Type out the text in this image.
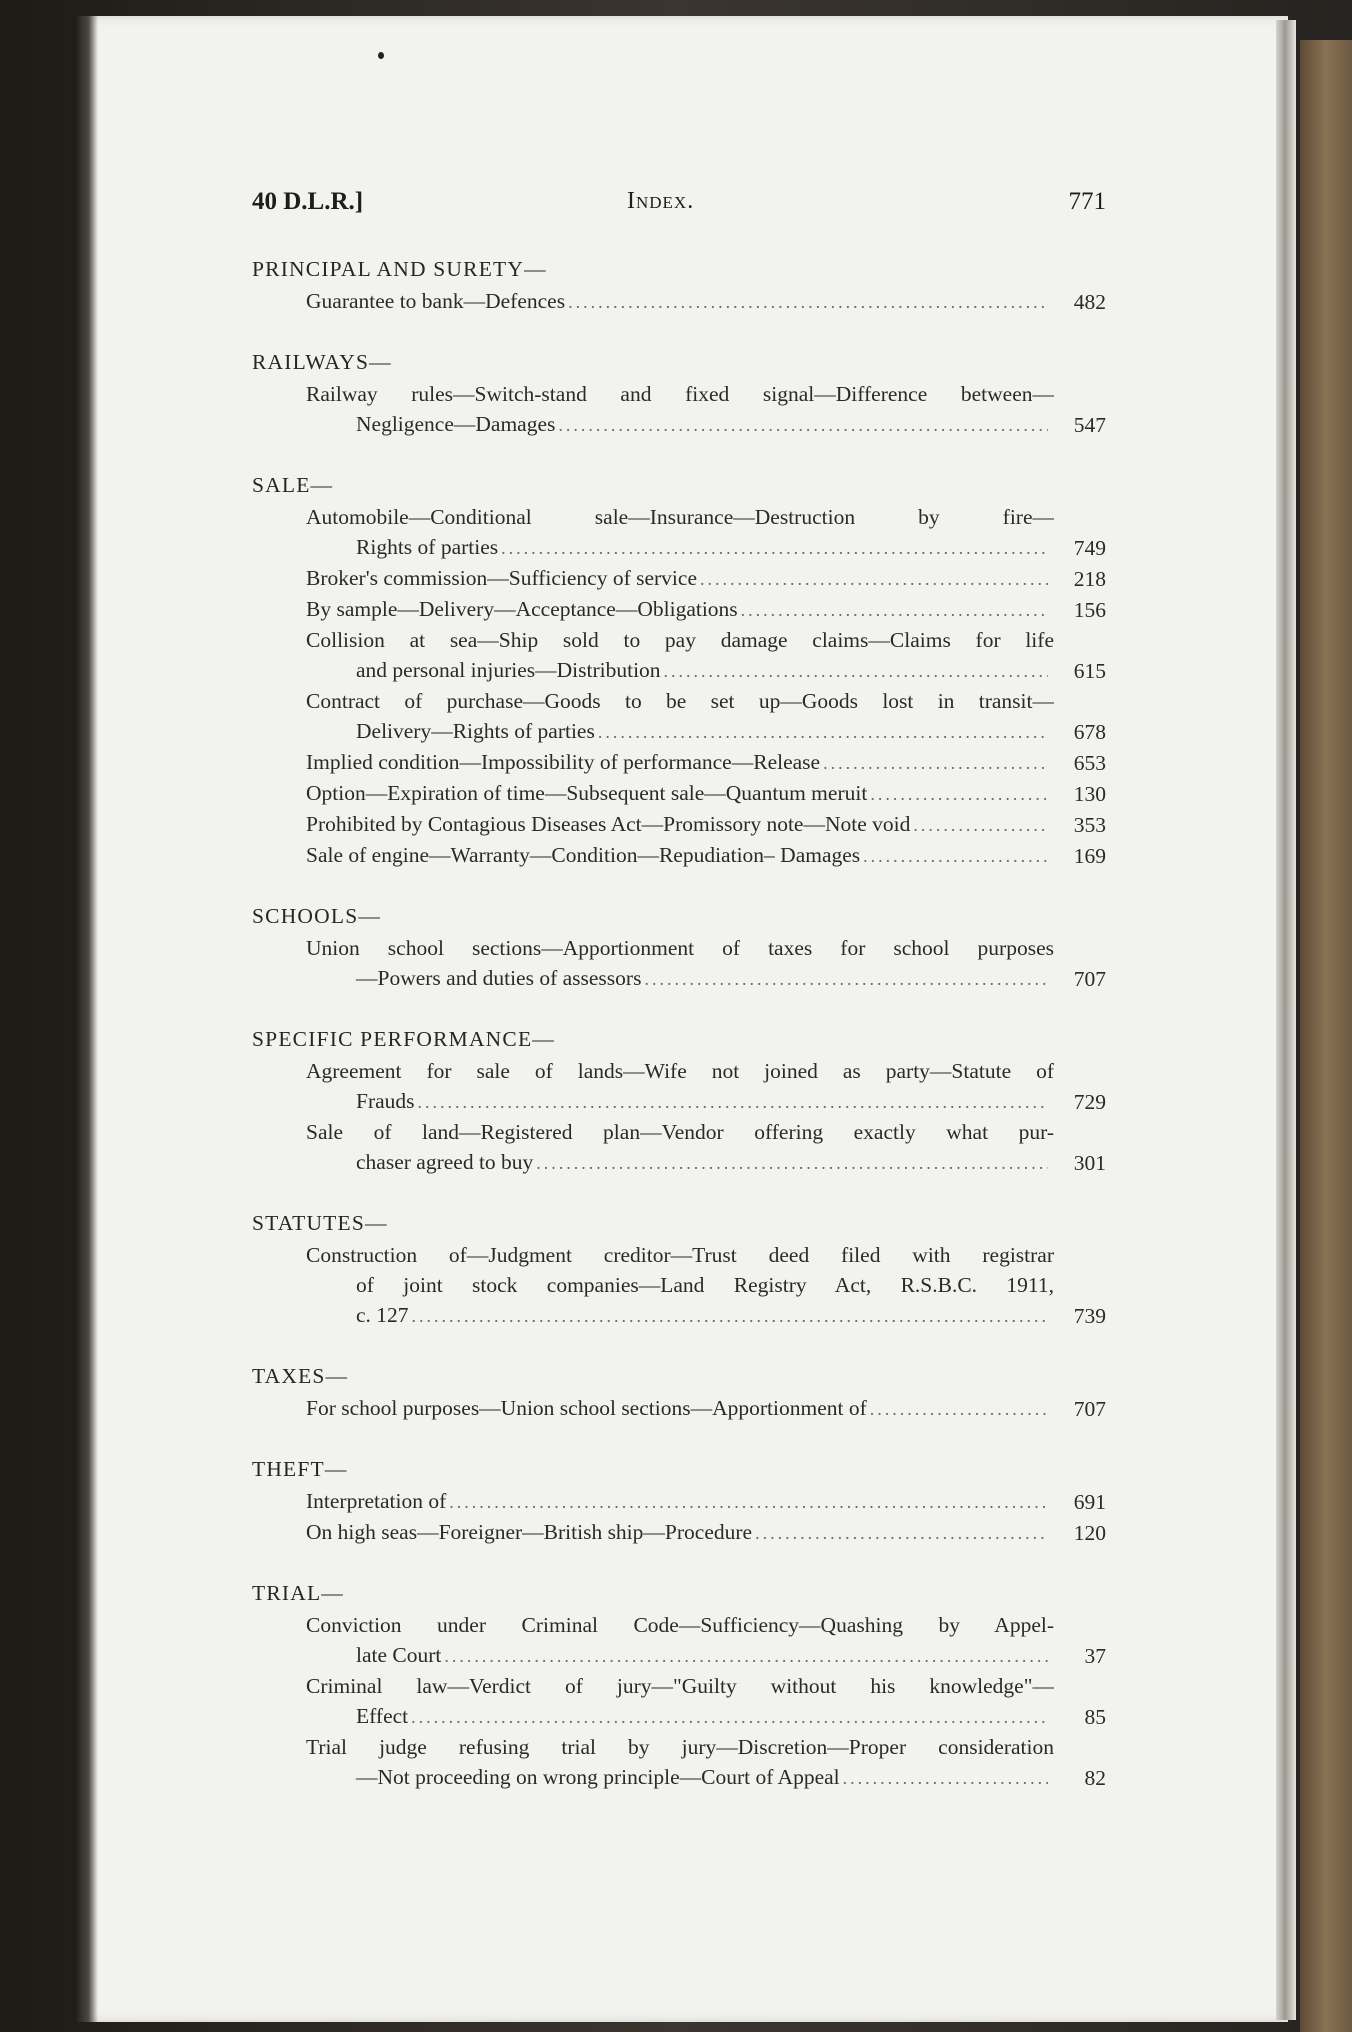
40 D.L.R.]	Index.	771
PRINCIPAL AND SURETY—
Guarantee to bank—Defences .....	482
RAILWAYS—
Railway rules—Switch-stand and fixed signal—Difference between—
Negligence—Damages .....	547
SALE—
Automobile—Conditional sale—Insurance—Destruction by fire—
Rights of parties .....	749
Broker's commission—Sufficiency of service .....	218
By sample—Delivery—Acceptance—Obligations .....	156
Collision at sea—Ship sold to pay damage claims—Claims for life
and personal injuries—Distribution .....	615
Contract of purchase—Goods to be set up—Goods lost in transit—
Delivery—Rights of parties .....	678
Implied condition—Impossibility of performance—Release .....	653
Option—Expiration of time—Subsequent sale—Quantum meruit .....	130
Prohibited by Contagious Diseases Act—Promissory note—Note void .....	353
Sale of engine—Warranty—Condition—Repudiation– Damages .....	169
SCHOOLS—
Union school sections—Apportionment of taxes for school purposes
—Powers and duties of assessors .....	707
SPECIFIC PERFORMANCE—
Agreement for sale of lands—Wife not joined as party—Statute of
Frauds .....	729
Sale of land—Registered plan—Vendor offering exactly what pur-
chaser agreed to buy .....	301
STATUTES—
Construction of—Judgment creditor—Trust deed filed with registrar
of joint stock companies—Land Registry Act, R.S.B.C. 1911,
c. 127 .....	739
TAXES—
For school purposes—Union school sections—Apportionment of .....	707
THEFT—
Interpretation of .....	691
On high seas—Foreigner—British ship—Procedure .....	120
TRIAL—
Conviction under Criminal Code—Sufficiency—Quashing by Appel-
late Court .....	37
Criminal law—Verdict of jury—"Guilty without his knowledge"—
Effect .....	85
Trial judge refusing trial by jury—Discretion—Proper consideration
—Not proceeding on wrong principle—Court of Appeal .....	82
